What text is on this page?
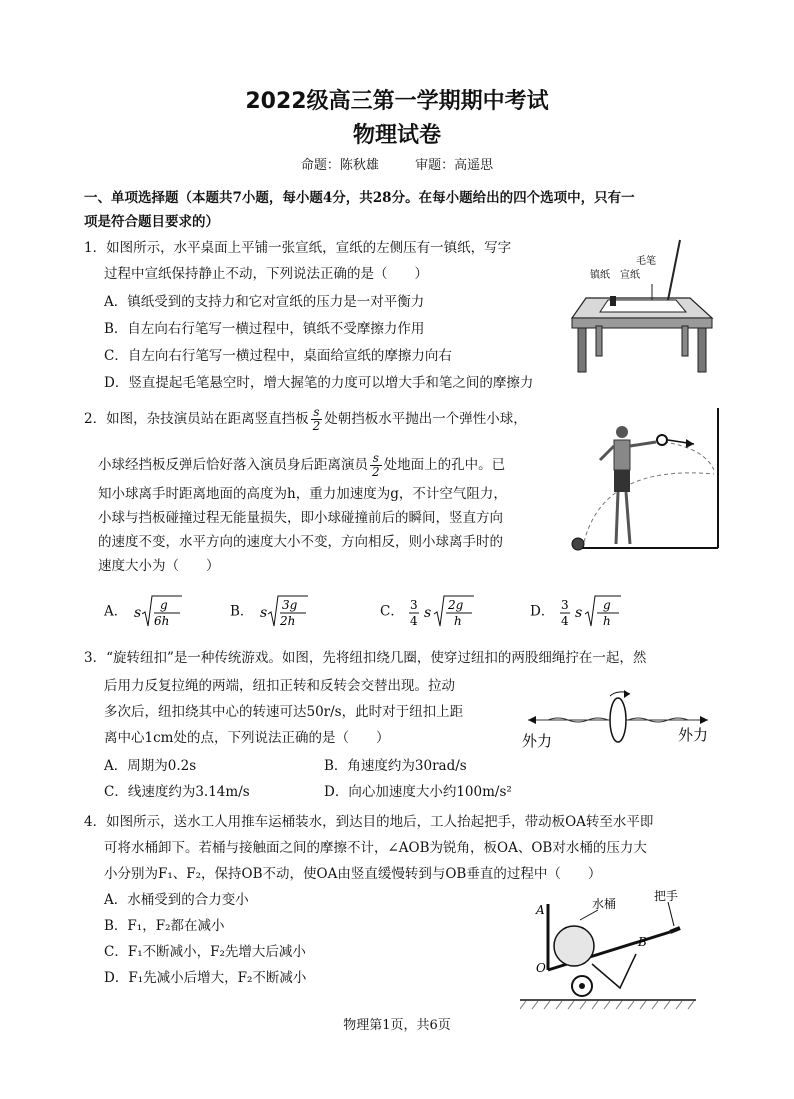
2022级高三第一学期期中考试
物理试卷
命题：陈秋雄	审题：高遥思
一、单项选择题（本题共7小题，每小题4分，共28分。在每小题给出的四个选项中，只有一
项是符合题目要求的）
1．如图所示，水平桌面上平铺一张宣纸，宣纸的左侧压有一镇纸，写字
过程中宣纸保持静止不动，下列说法正确的是（　　）
A．镇纸受到的支持力和它对宣纸的压力是一对平衡力
B．自左向右行笔写一横过程中，镇纸不受摩擦力作用
C．自左向右行笔写一横过程中，桌面给宣纸的摩擦力向右
D．竖直提起毛笔悬空时，增大握笔的力度可以增大手和笔之间的摩擦力
毛笔
镇纸 宣纸
2．如图，杂技演员站在距离竖直挡板 $\frac{s}{2}$ 处朝挡板水平抛出一个弹性小球，
小球经挡板反弹后恰好落入演员身后距离演员 $\frac{s}{2}$ 处地面上的孔中。已
知小球离手时距离地面的高度为h，重力加速度为g，不计空气阻力，
小球与挡板碰撞过程无能量损失，即小球碰撞前后的瞬间，竖直方向
的速度不变，水平方向的速度大小不变，方向相反，则小球离手时的
速度大小为（　　）
A． s g
6h
B． s 3g
2h
C． 3
4 s 2g
h
D． 3
4 s g
h
3．“旋转纽扣”是一种传统游戏。如图，先将纽扣绕几圈，使穿过纽扣的两股细绳拧在一起，然
后用力反复拉绳的两端，纽扣正转和反转会交替出现。拉动
多次后，纽扣绕其中心的转速可达50r/s，此时对于纽扣上距
离中心1cm处的点，下列说法正确的是（　　）
A．周期为0.2s	B．角速度约为30rad/s
C．线速度约为3.14m/s	D．向心加速度大小约100m/s²
外力	外力
4．如图所示，送水工人用推车运桶装水，到达目的地后，工人抬起把手，带动板OA转至水平即
可将水桶卸下。若桶与接触面之间的摩擦不计，∠AOB为锐角，板OA、OB对水桶的压力大
小分别为F₁、F₂，保持OB不动，使OA由竖直缓慢转到与OB垂直的过程中（　　）
A．水桶受到的合力变小
B．F₁，F₂都在减小
C．F₁不断减小，F₂先增大后减小
D．F₁先减小后增大，F₂不断减小
水桶
把手
A
O
B
物理第1页，共6页
